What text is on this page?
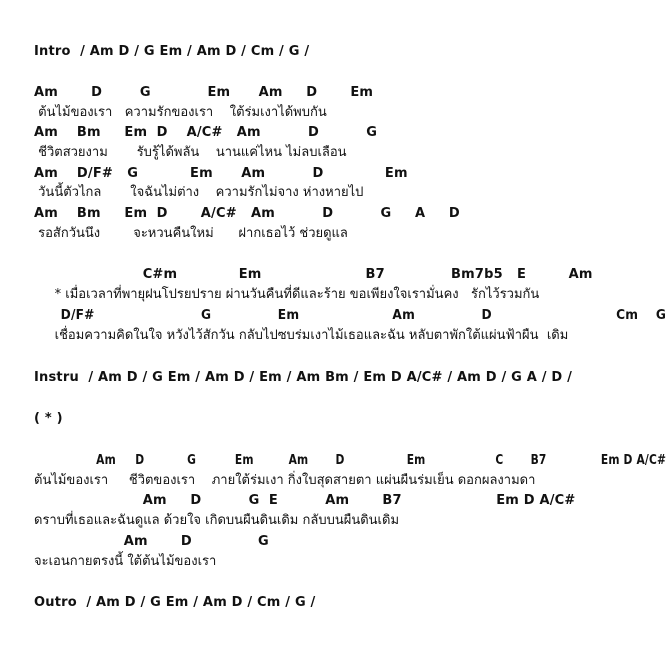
Intro  / Am D / G Em / Am D / Cm / G /
Am       D        G            Em      Am     D       Em
ต้นไม้ของเรา   ความรักของเรา    ใต้ร่มเงาได้พบกัน
Am    Bm     Em  D    A/C#   Am          D          G
ชีวิตสวยงาม       รับรู้ได้พลัน    นานแค่ไหน ไม่ลบเลือน
Am    D/F#   G           Em      Am          D             Em
วันนี้ตัวไกล       ใจฉันไม่ต่าง    ความรักไม่จาง ห่างหายไป
Am    Bm     Em  D       A/C#   Am          D          G     A     D
รอสักวันนึง        จะหวนคืนใหม่      ฝากเธอไว้ ช่วยดูแล
C#m             Em                      B7              Bm7b5   E         Am
* เมื่อเวลาที่พายุฝนโปรยปราย ผ่านวันคืนที่ดีและร้าย ขอเพียงใจเรามั่นคง   รักไว้รวมกัน
D/F#                        G               Em                     Am               D                            Cm    G
เชื่อมความคิดในใจ หวังไว้สักวัน กลับไปซบร่มเงาไม้เธอและฉัน หลับตาพักใต้แผ่นฟ้าผืน  เดิม
Instru  / Am D / G Em / Am D / Em / Am Bm / Em D A/C# / Am D / G A / D /
( * )
Am     D           G          Em         Am       D                Em                  C       B7              Em D A/C#
ต้นไม้ของเรา     ชีวิตของเรา    ภายใต้ร่มเงา กิ่งใบสุดสายตา แผ่นผืนร่มเย็น ดอกผลงามดา
Am     D          G  E          Am       B7                    Em D A/C#
ดราบที่เธอและฉันดูแล ด้วยใจ เกิดบนผืนดินเดิม กลับบนผืนดินเดิม
Am       D              G
จะเอนกายตรงนี้ ใต้ต้นไม้ของเรา
Outro  / Am D / G Em / Am D / Cm / G /
